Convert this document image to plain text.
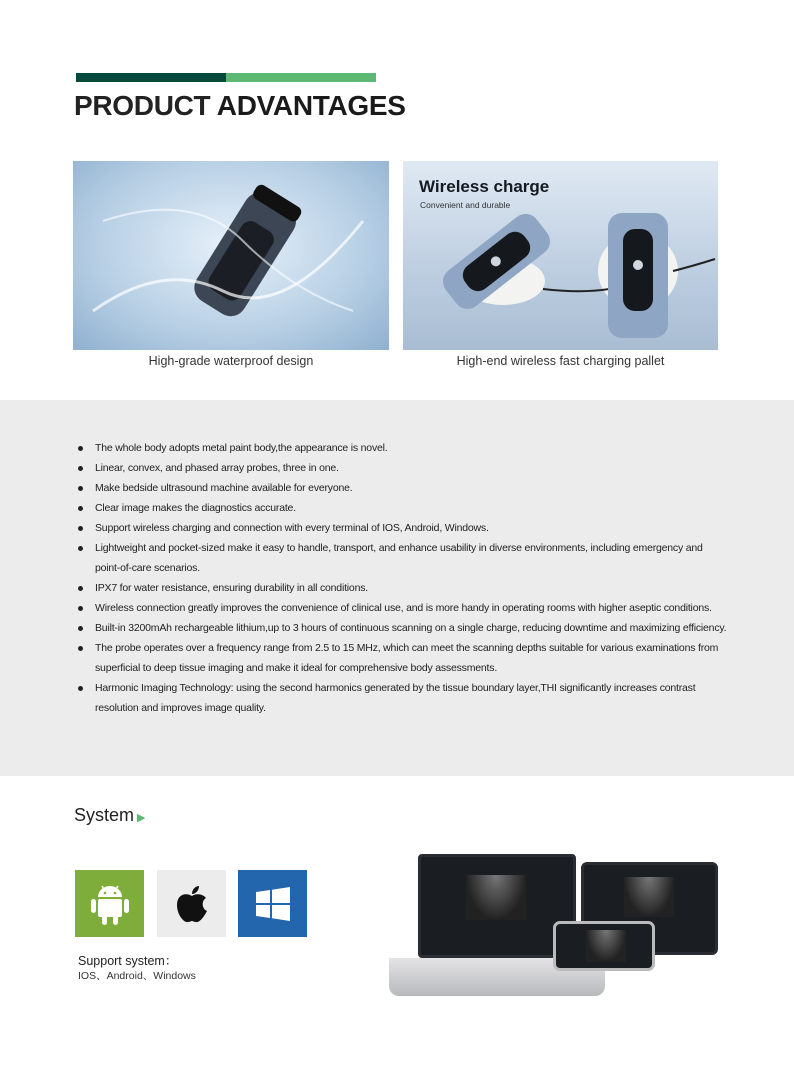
PRODUCT ADVANTAGES
Wireless charge
Convenient and durable
High-grade waterproof design	High-end wireless fast charging pallet
The whole body adopts metal paint body,the appearance is novel.
Linear, convex, and phased array probes, three in one.
Make bedside ultrasound machine available for everyone.
Clear image makes the diagnostics accurate.
Support wireless charging and connection with every terminal of IOS, Android, Windows.
Lightweight and pocket-sized make it easy to handle, transport, and enhance usability in diverse environments, including emergency and point-of-care scenarios.
IPX7 for water resistance, ensuring durability in all conditions.
Wireless connection greatly improves the convenience of clinical use, and is more handy in operating rooms with higher aseptic conditions.
Built-in 3200mAh rechargeable lithium,up to 3 hours of continuous scanning on a single charge, reducing downtime and maximizing efficiency.
The probe operates over a frequency range from 2.5 to 15 MHz, which can meet the scanning depths suitable for various examinations from superficial to deep tissue imaging and make it ideal for comprehensive body assessments.
Harmonic Imaging Technology: using the second harmonics generated by the tissue boundary layer,THI significantly increases contrast resolution and improves image quality.
System ▶
Support system：
IOS、Android、Windows
